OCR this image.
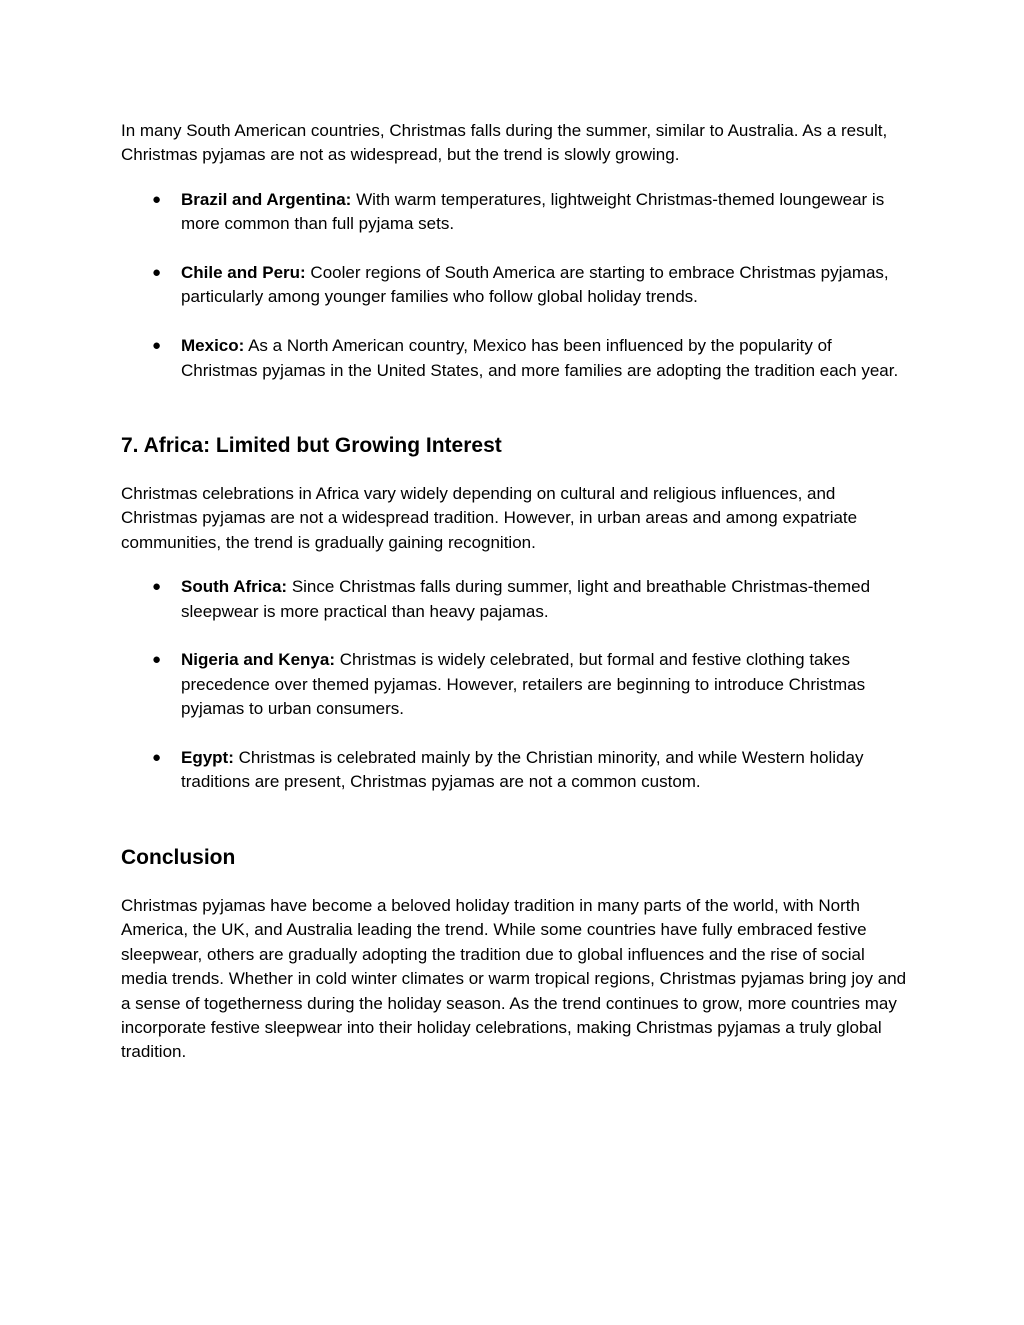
In many South American countries, Christmas falls during the summer, similar to Australia. As a result, Christmas pyjamas are not as widespread, but the trend is slowly growing.

● Brazil and Argentina: With warm temperatures, lightweight Christmas-themed loungewear is more common than full pyjama sets.
● Chile and Peru: Cooler regions of South America are starting to embrace Christmas pyjamas, particularly among younger families who follow global holiday trends.
● Mexico: As a North American country, Mexico has been influenced by the popularity of Christmas pyjamas in the United States, and more families are adopting the tradition each year.
7. Africa: Limited but Growing Interest

Christmas celebrations in Africa vary widely depending on cultural and religious influences, and Christmas pyjamas are not a widespread tradition. However, in urban areas and among expatriate communities, the trend is gradually gaining recognition.

● South Africa: Since Christmas falls during summer, light and breathable Christmas-themed sleepwear is more practical than heavy pajamas.
● Nigeria and Kenya: Christmas is widely celebrated, but formal and festive clothing takes precedence over themed pyjamas. However, retailers are beginning to introduce Christmas pyjamas to urban consumers.
● Egypt: Christmas is celebrated mainly by the Christian minority, and while Western holiday traditions are present, Christmas pyjamas are not a common custom.
Conclusion

Christmas pyjamas have become a beloved holiday tradition in many parts of the world, with North America, the UK, and Australia leading the trend. While some countries have fully embraced festive sleepwear, others are gradually adopting the tradition due to global influences and the rise of social media trends. Whether in cold winter climates or warm tropical regions, Christmas pyjamas bring joy and a sense of togetherness during the holiday season. As the trend continues to grow, more countries may incorporate festive sleepwear into their holiday celebrations, making Christmas pyjamas a truly global tradition.
